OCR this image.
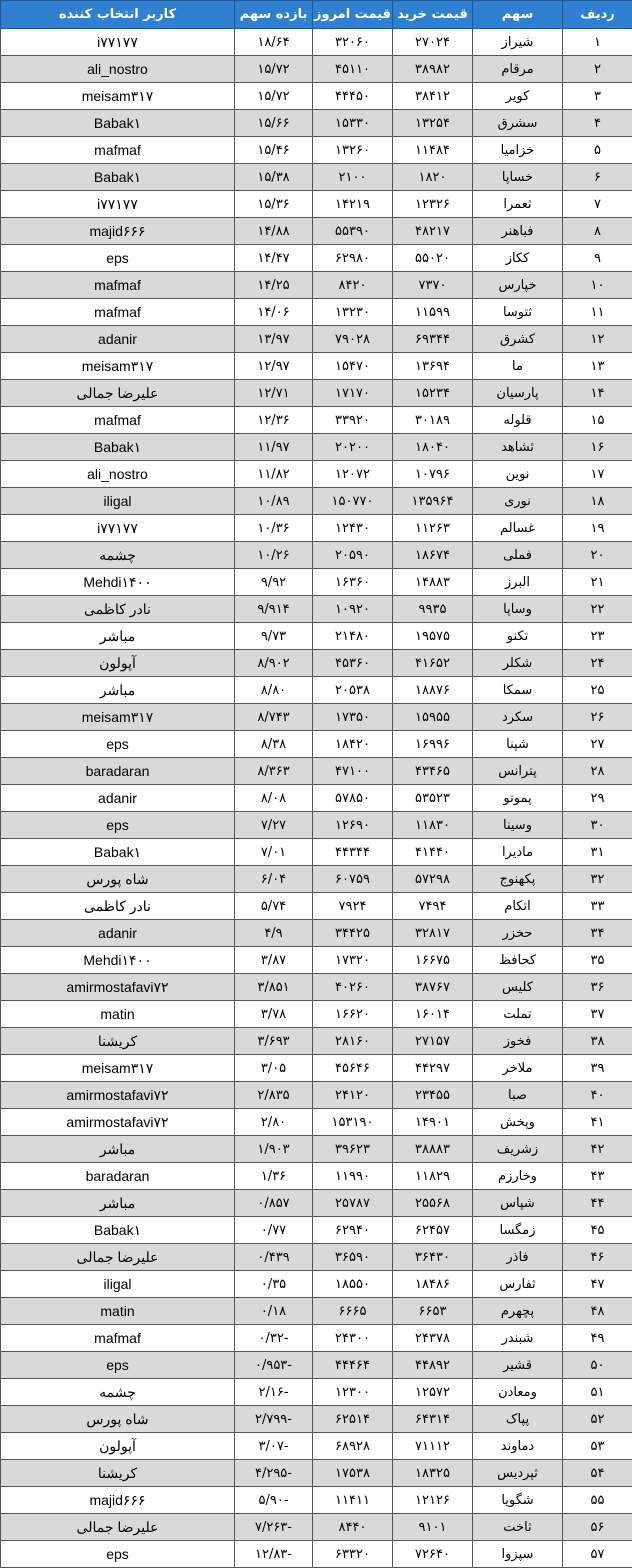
ردیف	سهم	قیمت خرید	قیمت امروز	بازده سهم	کاربر انتخاب کننده
۱	شیراز	۲۷۰۲۴	۳۲۰۶۰	۱۸/۶۴	i۷۷۱۷۷
۲	مرقام	۳۸۹۸۲	۴۵۱۱۰	۱۵/۷۲	ali_nostro
۳	کویر	۳۸۴۱۲	۴۴۴۵۰	۱۵/۷۲	meisam۳۱۷
۴	سشرق	۱۳۲۵۴	۱۵۳۳۰	۱۵/۶۶	Babak۱
۵	خزامیا	۱۱۴۸۴	۱۳۲۶۰	۱۵/۴۶	mafmaf
۶	خساپا	۱۸۲۰	۲۱۰۰	۱۵/۳۸	Babak۱
۷	ثعمرا	۱۲۳۲۶	۱۴۲۱۹	۱۵/۳۶	i۷۷۱۷۷
۸	فباهنر	۴۸۲۱۷	۵۵۳۹۰	۱۴/۸۸	majid۶۶۶
۹	ککاز	۵۵۰۲۰	۶۲۹۸۰	۱۴/۴۷	eps
۱۰	خپارس	۷۳۷۰	۸۴۲۰	۱۴/۲۵	mafmaf
۱۱	ثتوسا	۱۱۵۹۹	۱۳۲۳۰	۱۴/۰۶	mafmaf
۱۲	کشرق	۶۹۳۴۴	۷۹۰۲۸	۱۳/۹۷	adanir
۱۳	ما	۱۳۶۹۴	۱۵۴۷۰	۱۲/۹۷	meisam۳۱۷
۱۴	پارسیان	۱۵۲۳۴	۱۷۱۷۰	۱۲/۷۱	علیرضا جمالی
۱۵	قلوله	۳۰۱۸۹	۳۳۹۲۰	۱۲/۳۶	mafmaf
۱۶	ثشاهد	۱۸۰۴۰	۲۰۲۰۰	۱۱/۹۷	Babak۱
۱۷	نوین	۱۰۷۹۶	۱۲۰۷۲	۱۱/۸۲	ali_nostro
۱۸	نوری	۱۳۵۹۶۴	۱۵۰۷۷۰	۱۰/۸۹	iligal
۱۹	غسالم	۱۱۲۶۳	۱۲۴۳۰	۱۰/۳۶	i۷۷۱۷۷
۲۰	فملی	۱۸۶۷۴	۲۰۵۹۰	۱۰/۲۶	چشمه
۲۱	البرز	۱۴۸۸۳	۱۶۳۶۰	۹/۹۲	Mehdi۱۴۰۰
۲۲	وساپا	۹۹۳۵	۱۰۹۲۰	۹/۹۱۴	نادر کاظمی
۲۳	تکنو	۱۹۵۷۵	۲۱۴۸۰	۹/۷۳	مباشر
۲۴	شکلر	۴۱۶۵۲	۴۵۳۶۰	۸/۹۰۲	آپولون
۲۵	سمکا	۱۸۸۷۶	۲۰۵۳۸	۸/۸۰	مباشر
۲۶	سکرد	۱۵۹۵۵	۱۷۳۵۰	۸/۷۴۳	meisam۳۱۷
۲۷	شپنا	۱۶۹۹۶	۱۸۴۲۰	۸/۳۸	eps
۲۸	پترانس	۴۳۴۶۵	۴۷۱۰۰	۸/۳۶۳	baradaran
۲۹	پموتو	۵۳۵۲۳	۵۷۸۵۰	۸/۰۸	adanir
۳۰	وسینا	۱۱۸۳۰	۱۲۶۹۰	۷/۲۷	eps
۳۱	مادیرا	۴۱۴۴۰	۴۴۳۴۴	۷/۰۱	Babak۱
۳۲	پکهنوج	۵۷۲۹۸	۶۰۷۵۹	۶/۰۴	شاه پورس
۳۳	اتکام	۷۴۹۴	۷۹۲۴	۵/۷۴	نادر کاظمی
۳۴	حخزر	۳۲۸۱۷	۳۴۴۲۵	۴/۹	adanir
۳۵	کحافظ	۱۶۶۷۵	۱۷۳۲۰	۳/۸۷	Mehdi۱۴۰۰
۳۶	کلیس	۳۸۷۶۷	۴۰۲۶۰	۳/۸۵۱	amirmostafavi۷۲
۳۷	تملت	۱۶۰۱۴	۱۶۶۲۰	۳/۷۸	matin
۳۸	فخوز	۲۷۱۵۷	۲۸۱۶۰	۳/۶۹۳	کریشنا
۳۹	ملاخر	۴۴۲۹۷	۴۵۶۴۶	۳/۰۵	meisam۳۱۷
۴۰	صبا	۲۳۴۵۵	۲۴۱۲۰	۲/۸۳۵	amirmostafavi۷۲
۴۱	وپخش	۱۴۹۰۱	۱۵۳۱۹۰	۲/۸۰	amirmostafavi۷۲
۴۲	زشریف	۳۸۸۸۳	۳۹۶۲۳	۱/۹۰۳	مباشر
۴۳	وخارزم	۱۱۸۲۹	۱۱۹۹۰	۱/۳۶	baradaran
۴۴	شپاس	۲۵۵۶۸	۲۵۷۸۷	۰/۸۵۷	مباشر
۴۵	زمگسا	۶۲۴۵۷	۶۲۹۴۰	۰/۷۷	Babak۱
۴۶	فاذر	۳۶۴۳۰	۳۶۵۹۰	۰/۴۳۹	علیرضا جمالی
۴۷	ثفارس	۱۸۴۸۶	۱۸۵۵۰	۰/۳۵	iligal
۴۸	پچهرم	۶۶۵۳	۶۶۶۵	۰/۱۸	matin
۴۹	شبندر	۲۴۳۷۸	۲۴۳۰۰	-۰/۳۲	mafmaf
۵۰	قشیر	۴۴۸۹۲	۴۴۴۶۴	-۰/۹۵۳	eps
۵۱	ومعادن	۱۲۵۷۲	۱۲۳۰۰	-۲/۱۶	چشمه
۵۲	پپاک	۶۴۳۱۴	۶۲۵۱۴	-۲/۷۹۹	شاه پورس
۵۳	دماوند	۷۱۱۱۲	۶۸۹۲۸	-۳/۰۷	آپولون
۵۴	ثپردیس	۱۸۳۲۵	۱۷۵۳۸	-۴/۲۹۵	کریشنا
۵۵	شگویا	۱۲۱۲۶	۱۱۴۱۱	-۵/۹۰	majid۶۶۶
۵۶	ثاخت	۹۱۰۱	۸۴۴۰	-۷/۲۶۳	علیرضا جمالی
۵۷	سپزوا	۷۲۶۴۰	۶۳۳۲۰	-۱۲/۸۳	eps
